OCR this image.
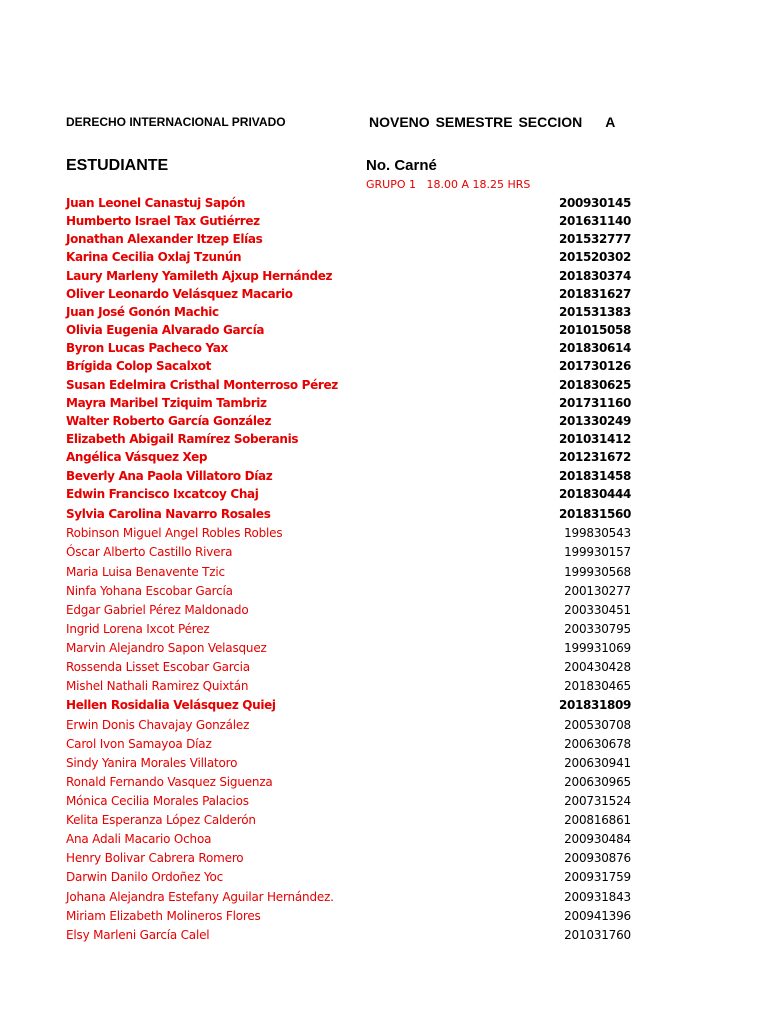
DERECHO INTERNACIONAL PRIVADO	NOVENO SEMESTRE SECCION    A
ESTUDIANTE	No. Carné
GRUPO 1   18.00 A 18.25 HRS
Juan Leonel Canastuj Sapón	200930145
Humberto Israel Tax Gutiérrez	201631140
Jonathan Alexander Itzep Elías	201532777
Karina Cecilia Oxlaj Tzunún	201520302
Laury Marleny Yamileth Ajxup Hernández	201830374
Oliver Leonardo Velásquez Macario	201831627
Juan José Gonón Machic	201531383
Olivia Eugenia Alvarado García	201015058
Byron Lucas Pacheco Yax	201830614
Brígida Colop Sacalxot	201730126
Susan Edelmira Cristhal Monterroso Pérez	201830625
Mayra Maribel Tziquim Tambriz	201731160
Walter Roberto García González	201330249
Elizabeth Abigail Ramírez Soberanis	201031412
Angélica Vásquez Xep	201231672
Beverly Ana Paola Villatoro Díaz	201831458
Edwin Francisco Ixcatcoy Chaj	201830444
Sylvia Carolina Navarro Rosales	201831560
Robinson Miguel Angel Robles Robles	199830543
Óscar Alberto Castillo Rivera	199930157
Maria Luisa Benavente Tzic	199930568
Ninfa Yohana Escobar García	200130277
Edgar Gabriel Pérez Maldonado	200330451
Ingrid Lorena Ixcot Pérez	200330795
Marvin Alejandro Sapon Velasquez	199931069
Rossenda Lisset Escobar Garcia	200430428
Mishel Nathali Ramirez Quixtán	201830465
Hellen Rosidalia Velásquez Quiej	201831809
Erwin Donis Chavajay González	200530708
Carol Ivon Samayoa Díaz	200630678
Sindy Yanira Morales Villatoro	200630941
Ronald Fernando Vasquez Siguenza	200630965
Mónica Cecilia Morales Palacios	200731524
Kelita Esperanza López Calderón	200816861
Ana Adali Macario Ochoa	200930484
Henry Bolivar Cabrera Romero	200930876
Darwin Danilo Ordoñez Yoc	200931759
Johana Alejandra Estefany Aguilar Hernández.	200931843
Miriam Elizabeth Molineros Flores	200941396
Elsy Marleni García Calel	201031760
